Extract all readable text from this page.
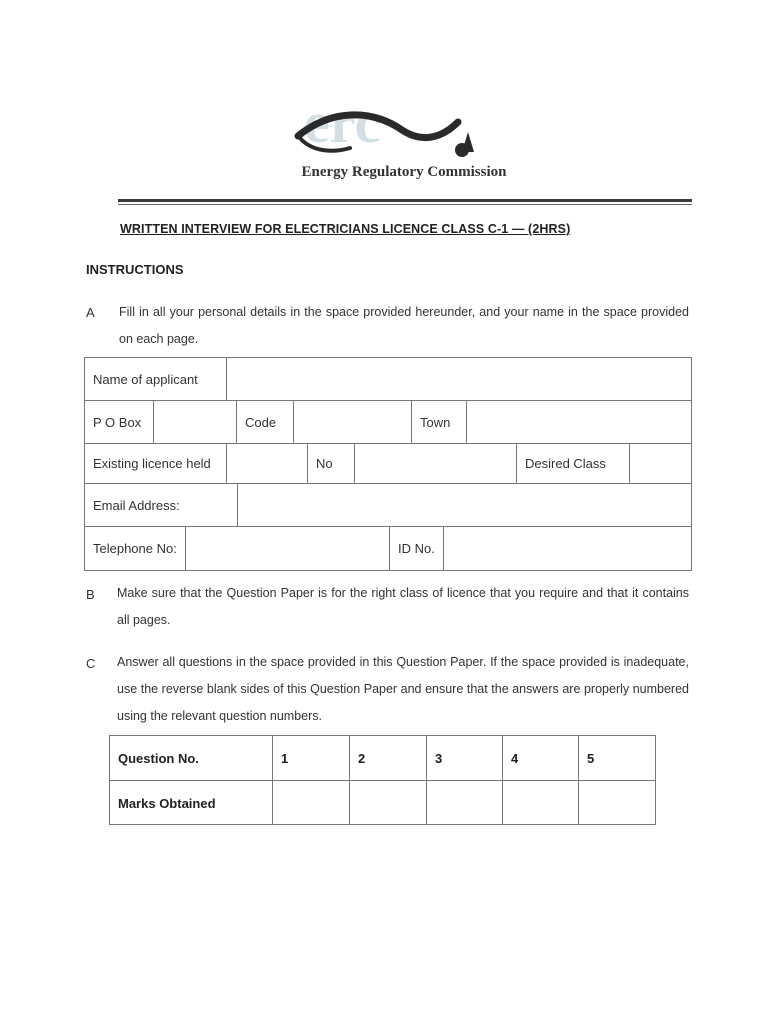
erc
Energy Regulatory Commission
WRITTEN INTERVIEW FOR ELECTRICIANS LICENCE CLASS C-1 — (2HRS)
INSTRUCTIONS
A Fill in all your personal details in the space provided hereunder, and your name in the space provided on each page.
Name of applicant
P O Box	Code	Town
Existing licence held	No	Desired Class
Email Address:
Telephone No:	ID No.
B Make sure that the Question Paper is for the right class of licence that you require and that it contains all pages.
C Answer all questions in the space provided in this Question Paper. If the space provided is inadequate, use the reverse blank sides of this Question Paper and ensure that the answers are properly numbered using the relevant question numbers.
Question No.	1	2	3	4	5
Marks Obtained
